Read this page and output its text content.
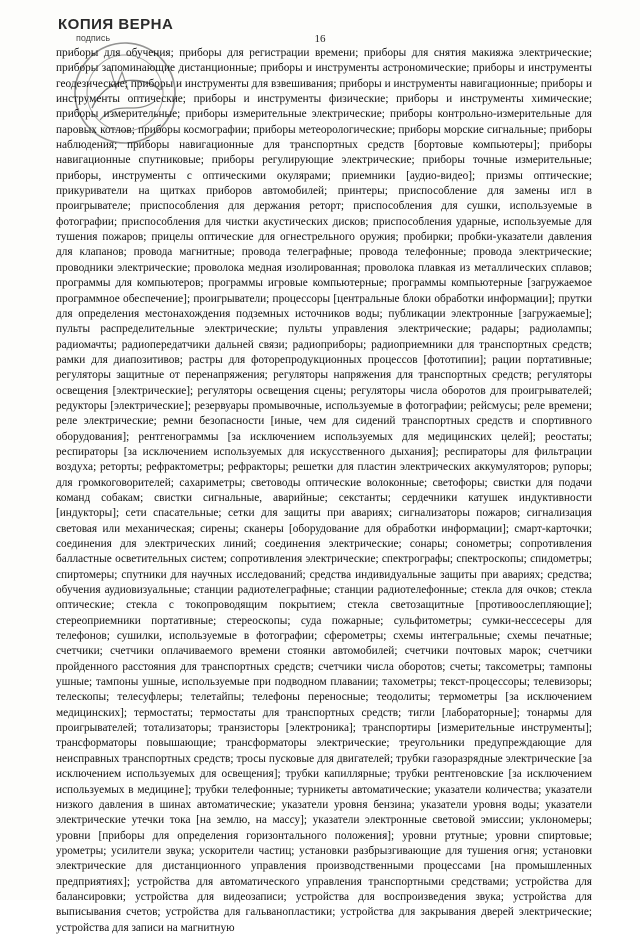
КОПИЯ ВЕРНА
подпись	16
приборы для обучения; приборы для регистрации времени; приборы для снятия макияжа электрические; приборы запоминающие дистанционные; приборы и инструменты астрономические; приборы и инструменты геодезические; приборы и инструменты для взвешивания; приборы и инструменты навигационные; приборы и инструменты оптические; приборы и инструменты физические; приборы и инструменты химические; приборы измерительные; приборы измерительные электрические; приборы контрольно-измерительные для паровых котлов; приборы космографии; приборы метеорологические; приборы морские сигнальные; приборы наблюдения; приборы навигационные для транспортных средств [бортовые компьютеры]; приборы навигационные спутниковые; приборы регулирующие электрические; приборы точные измерительные; приборы, инструменты с оптическими окулярами; приемники [аудио-видео]; призмы оптические; прикуриватели на щитках приборов автомобилей; принтеры; приспособление для замены игл в проигрывателе; приспособления для держания реторт; приспособления для сушки, используемые в фотографии; приспособления для чистки акустических дисков; приспособления ударные, используемые для тушения пожаров; прицелы оптические для огнестрельного оружия; пробирки; пробки-указатели давления для клапанов; провода магнитные; провода телеграфные; провода телефонные; провода электрические; проводники электрические; проволока медная изолированная; проволока плавкая из металлических сплавов; программы для компьютеров; программы игровые компьютерные; программы компьютерные [загружаемое программное обеспечение]; проигрыватели; процессоры [центральные блоки обработки информации]; прутки для определения местонахождения подземных источников воды; публикации электронные [загружаемые]; пульты распределительные электрические; пульты управления электрические; радары; радиолампы; радиомачты; радиопередатчики дальней связи; радиоприборы; радиоприемники для транспортных средств; рамки для диапозитивов; растры для фоторепродукционных процессов [фототипии]; рации портативные; регуляторы защитные от перенапряжения; регуляторы напряжения для транспортных средств; регуляторы освещения [электрические]; регуляторы освещения сцены; регуляторы числа оборотов для проигрывателей; редукторы [электрические]; резервуары промывочные, используемые в фотографии; рейсмусы; реле времени; реле электрические; ремни безопасности [иные, чем для сидений транспортных средств и спортивного оборудования]; рентгенограммы [за исключением используемых для медицинских целей]; реостаты; респираторы [за исключением используемых для искусственного дыхания]; респираторы для фильтрации воздуха; реторты; рефрактометры; рефракторы; решетки для пластин электрических аккумуляторов; рупоры; для громкоговорителей; сахариметры; световоды оптические волоконные; светофоры; свистки для подачи команд собакам; свистки сигнальные, аварийные; секстанты; сердечники катушек индуктивности [индукторы]; сети спасательные; сетки для защиты при авариях; сигнализаторы пожаров; сигнализация световая или механическая; сирены; сканеры [оборудование для обработки информации]; смарт-карточки; соединения для электрических линий; соединения электрические; сонары; сонометры; сопротивления балластные осветительных систем; сопротивления электрические; спектрографы; спектроскопы; спидометры; спиртомеры; спутники для научных исследований; средства индивидуальные защиты при авариях; средства; обучения аудиовизуальные; станции радиотелеграфные; станции радиотелефонные; стекла для очков; стекла оптические; стекла с токопроводящим покрытием; стекла светозащитные [противоослепляющие]; стереоприемники портативные; стереоскопы; суда пожарные; сульфитометры; сумки-нессесеры для телефонов; сушилки, используемые в фотографии; сферометры; схемы интегральные; схемы печатные; счетчики; счетчики оплачиваемого времени стоянки автомобилей; счетчики почтовых марок; счетчики пройденного расстояния для транспортных средств; счетчики числа оборотов; счеты; таксометры; тампоны ушные; тампоны ушные, используемые при подводном плавании; тахометры; текст-процессоры; телевизоры; телескопы; телесуфлеры; телетайпы; телефоны переносные; теодолиты; термометры [за исключением медицинских]; термостаты; термостаты для транспортных средств; тигли [лабораторные]; тонармы для проигрывателей; тотализаторы; транзисторы [электроника]; транспортиры [измерительные инструменты]; трансформаторы повышающие; трансформаторы электрические; треугольники предупреждающие для неисправных транспортных средств; тросы пусковые для двигателей; трубки газоразрядные электрические [за исключением используемых для освещения]; трубки капиллярные; трубки рентгеновские [за исключением используемых в медицине]; трубки телефонные; турникеты автоматические; указатели количества; указатели низкого давления в шинах автоматические; указатели уровня бензина; указатели уровня воды; указатели электрические утечки тока [на землю, на массу]; указатели электронные световой эмиссии; уклономеры; уровни [приборы для определения горизонтального положения]; уровни ртутные; уровни спиртовые; урометры; усилители звука; ускорители частиц; установки разбрызгивающие для тушения огня; установки электрические для дистанционного управления производственными процессами [на промышленных предприятиях]; устройства для автоматического управления транспортными средствами; устройства для балансировки; устройства для видеозаписи; устройства для воспроизведения звука; устройства для выписывания счетов; устройства для гальванопластики; устройства для закрывания дверей электрические; устройства для записи на магнитную
